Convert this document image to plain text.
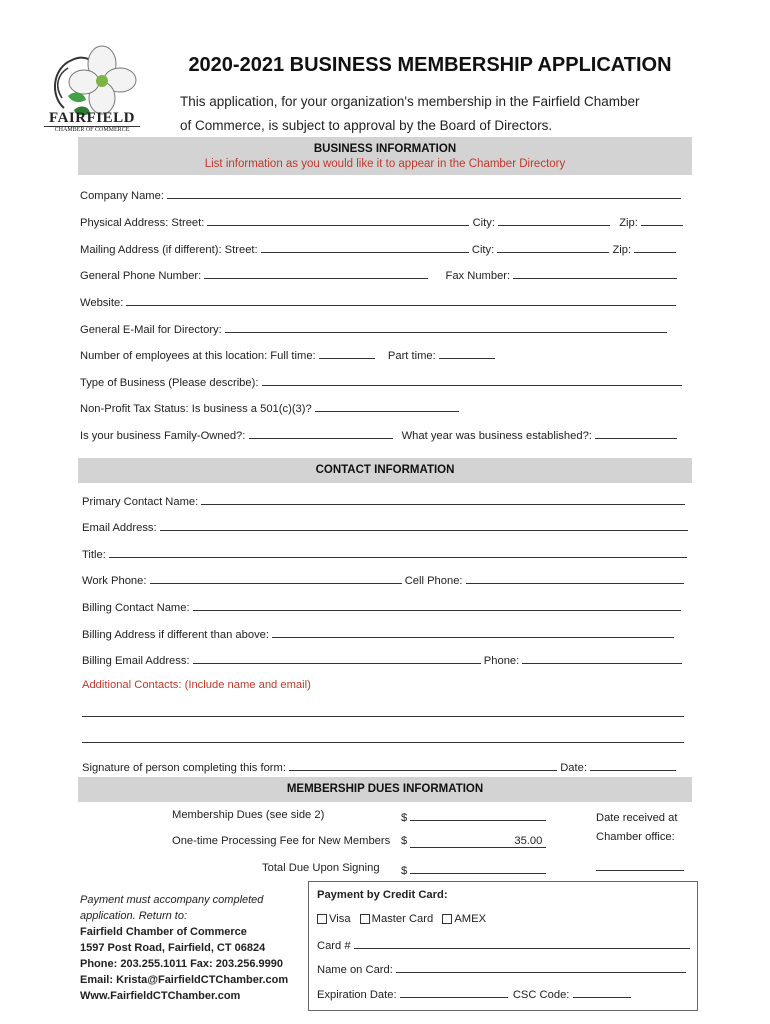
FAIRFIELD
CHAMBER OF COMMERCE
2020-2021 BUSINESS MEMBERSHIP APPLICATION
This application, for your organization's membership in the Fairfield Chamber
of Commerce, is subject to approval by the Board of Directors.
BUSINESS INFORMATION
List information as you would like it to appear in the Chamber Directory
Company Name:
Physical Address: Street:	City:	Zip:
Mailing Address (if different): Street:	City:	Zip:
General Phone Number:	Fax Number:
Website:
General E-Mail for Directory:
Number of employees at this location: Full time:	Part time:
Type of Business (Please describe):
Non-Profit Tax Status: Is business a 501(c)(3)?
Is your business Family-Owned?:	What year was business established?:
CONTACT INFORMATION
Primary Contact Name:
Email Address:
Title:
Work Phone:	Cell Phone:
Billing Contact Name:
Billing Address if different than above:
Billing Email Address:	Phone:
Additional Contacts: (Include name and email)
Signature of person completing this form:	Date:
MEMBERSHIP DUES INFORMATION
Membership Dues (see side 2)	$
One-time Processing Fee for New Members $	35.00
Total Due Upon Signing $
Date received at
Chamber office:
Payment must accompany completed
application. Return to:
Fairfield Chamber of Commerce
1597 Post Road, Fairfield, CT 06824
Phone: 203.255.1011 Fax: 203.256.9990
Email: Krista@FairfieldCTChamber.com
Www.FairfieldCTChamber.com
Payment by Credit Card:
Visa Master Card AMEX
Card #
Name on Card:
Expiration Date:	CSC Code:
